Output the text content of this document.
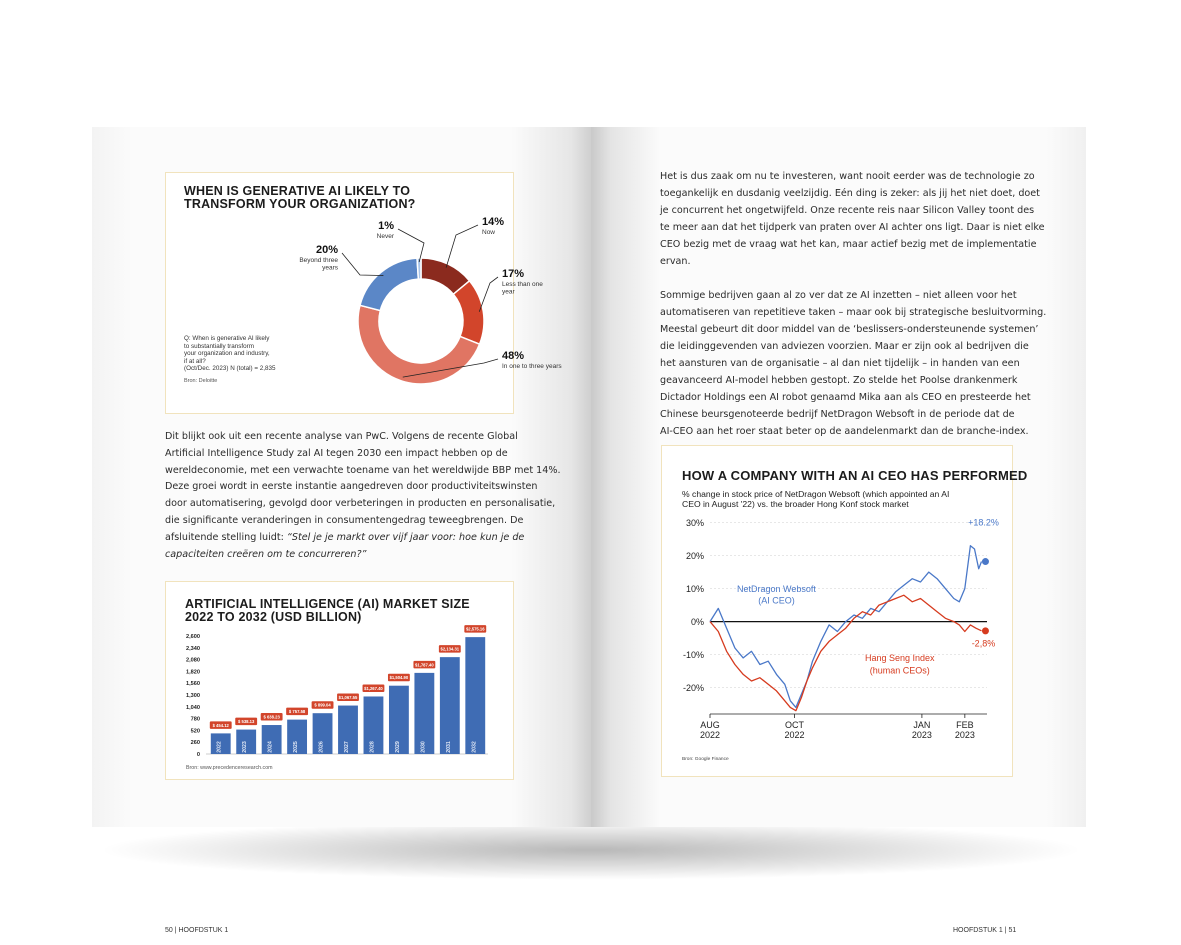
WHEN IS GENERATIVE AI LIKELY TO
TRANSFORM YOUR ORGANIZATION?
14%
Now
17%
Less than one
year
48%
In one to three years
20%
Beyond three
years
1%
Never
Q: When is generative AI likely
to substantially transform
your organization and industry,
if at all?
(Oct/Dec. 2023) N (total) = 2,835
Bron: Deloitte
Dit blijkt ook uit een recente analyse van PwC. Volgens de recente Global
Artificial Intelligence Study zal AI tegen 2030 een impact hebben op de
wereldeconomie, met een verwachte toename van het wereldwijde BBP met 14%.
Deze groei wordt in eerste instantie aangedreven door productiviteitswinsten
door automatisering, gevolgd door verbeteringen in producten en personalisatie,
die significante veranderingen in consumentengedrag teweegbrengen. De
afsluitende stelling luidt: “Stel je je markt over vijf jaar voor: hoe kun je de
capaciteiten creëren om te concurreren?”
ARTIFICIAL INTELLIGENCE (AI) MARKET SIZE
2022 TO 2032 (USD BILLION)
2,600
2,340
2,080
1,820
1,560
1,300
1,040
780
520
260
0
$ 454.12
2022
$ 538.13
2023
$ 638.23
2024
$ 757.58
2025
$ 899.04
2026
$1,067.55
2027
$1,267.40
2028
$1,504.90
2029
$1,787.40
2030
$2,134.31
2031
$2,575.16
2032
Bron: www.precedenceresearch.com
50 | HOOFDSTUK 1

Het is dus zaak om nu te investeren, want nooit eerder was de technologie zo
toegankelijk en dusdanig veelzijdig. Eén ding is zeker: als jij het niet doet, doet
je concurrent het ongetwijfeld. Onze recente reis naar Silicon Valley toont des
te meer aan dat het tijdperk van praten over AI achter ons ligt. Daar is niet elke
CEO bezig met de vraag wat het kan, maar actief bezig met de implementatie
ervan.

Sommige bedrijven gaan al zo ver dat ze AI inzetten – niet alleen voor het
automatiseren van repetitieve taken – maar ook bij strategische besluitvorming.
Meestal gebeurt dit door middel van de ‘beslissers-ondersteunende systemen’
die leidinggevenden van adviezen voorzien. Maar er zijn ook al bedrijven die
het aansturen van de organisatie – al dan niet tijdelijk – in handen van een
geavanceerd AI-model hebben gestopt. Zo stelde het Poolse drankenmerk
Dictador Holdings een AI robot genaamd Mika aan als CEO en presteerde het
Chinese beursgenoteerde bedrijf NetDragon Websoft in de periode dat de
AI-CEO aan het roer staat beter op de aandelenmarkt dan de branche-index.

HOW A COMPANY WITH AN AI CEO HAS PERFORMED
% change in stock price of NetDragon Websoft (which appointed an AI
CEO in August '22) vs. the broader Hong Konf stock market
30%
20%
10%
0%
-10%
-20%
AUG
2022
OCT
2022
JAN
2023
FEB
2023
+18.2%
NetDragon Websoft
(AI CEO)
-2,8%
Hang Seng Index
(human CEOs)
Bron: Google Finance
HOOFDSTUK 1 | 51
